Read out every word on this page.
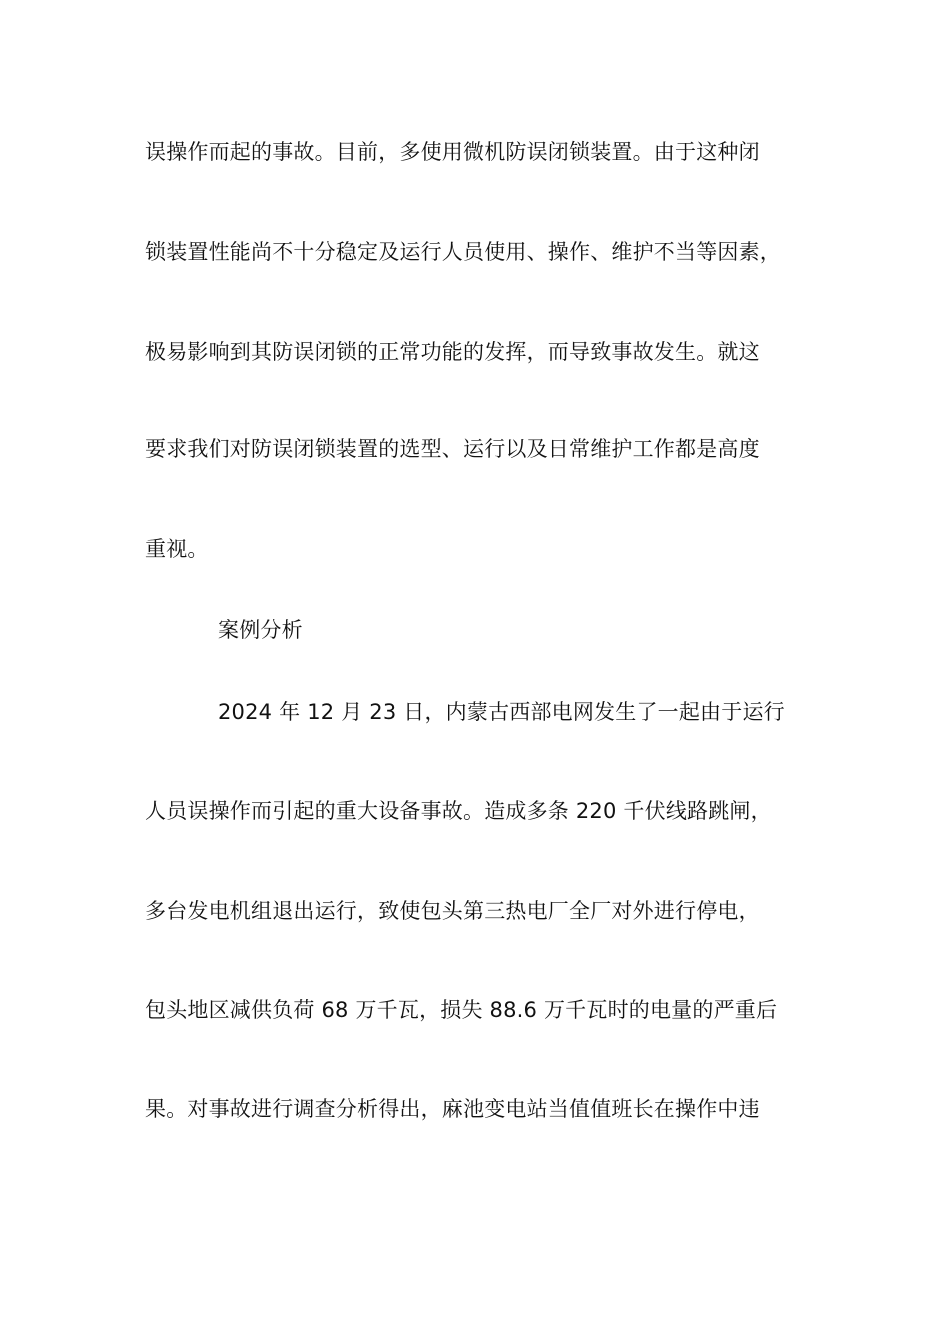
误操作而起的事故。目前，多使用微机防误闭锁装置。由于这种闭
锁装置性能尚不十分稳定及运行人员使用、操作、维护不当等因素，
极易影响到其防误闭锁的正常功能的发挥，而导致事故发生。就这
要求我们对防误闭锁装置的选型、运行以及日常维护工作都是高度
重视。
案例分析
2024 年 12 月 23 日，内蒙古西部电网发生了一起由于运行
人员误操作而引起的重大设备事故。造成多条 220 千伏线路跳闸，
多台发电机组退出运行，致使包头第三热电厂全厂对外进行停电，
包头地区减供负荷 68 万千瓦，损失 88.6 万千瓦时的电量的严重后
果。对事故进行调查分析得出，麻池变电站当值值班长在操作中违
